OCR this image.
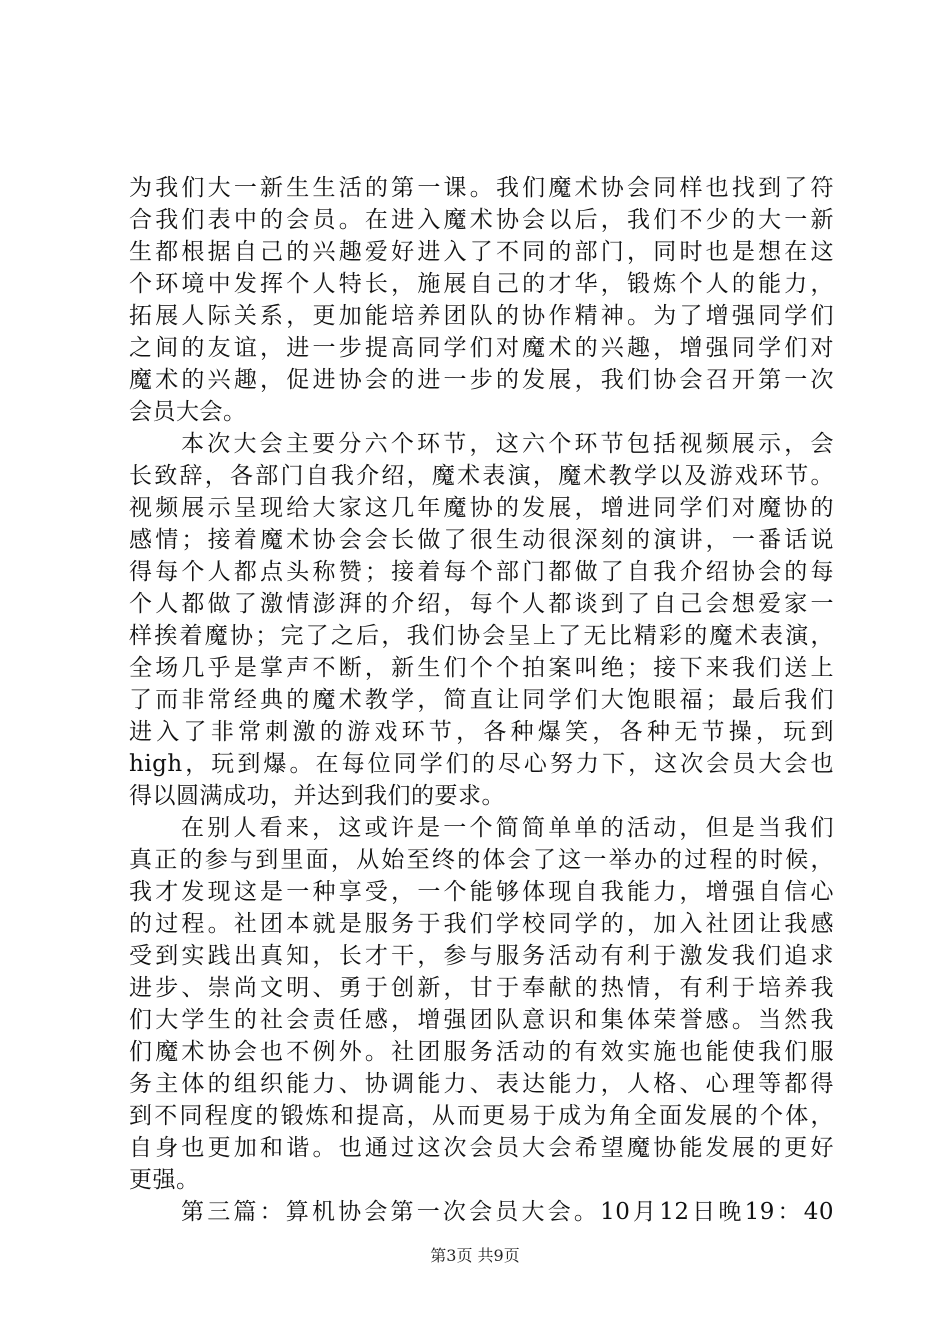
为我们大一新生生活的第一课。我们魔术协会同样也找到了符
合我们表中的会员。在进入魔术协会以后，我们不少的大一新
生都根据自己的兴趣爱好进入了不同的部门，同时也是想在这
个环境中发挥个人特长，施展自己的才华，锻炼个人的能力，
拓展人际关系，更加能培养团队的协作精神。为了增强同学们
之间的友谊，进一步提高同学们对魔术的兴趣，增强同学们对
魔术的兴趣，促进协会的进一步的发展，我们协会召开第一次
会员大会。
本次大会主要分六个环节，这六个环节包括视频展示，会
长致辞，各部门自我介绍，魔术表演，魔术教学以及游戏环节。
视频展示呈现给大家这几年魔协的发展，增进同学们对魔协的
感情；接着魔术协会会长做了很生动很深刻的演讲，一番话说
得每个人都点头称赞；接着每个部门都做了自我介绍协会的每
个人都做了激情澎湃的介绍，每个人都谈到了自己会想爱家一
样挨着魔协；完了之后，我们协会呈上了无比精彩的魔术表演，
全场几乎是掌声不断，新生们个个拍案叫绝；接下来我们送上
了而非常经典的魔术教学，简直让同学们大饱眼福；最后我们
进入了非常刺激的游戏环节，各种爆笑，各种无节操，玩到
high，玩到爆。在每位同学们的尽心努力下，这次会员大会也
得以圆满成功，并达到我们的要求。
在别人看来，这或许是一个简简单单的活动，但是当我们
真正的参与到里面，从始至终的体会了这一举办的过程的时候，
我才发现这是一种享受，一个能够体现自我能力，增强自信心
的过程。社团本就是服务于我们学校同学的，加入社团让我感
受到实践出真知，长才干，参与服务活动有利于激发我们追求
进步、崇尚文明、勇于创新，甘于奉献的热情，有利于培养我
们大学生的社会责任感，增强团队意识和集体荣誉感。当然我
们魔术协会也不例外。社团服务活动的有效实施也能使我们服
务主体的组织能力、协调能力、表达能力，人格、心理等都得
到不同程度的锻炼和提高，从而更易于成为角全面发展的个体，
自身也更加和谐。也通过这次会员大会希望魔协能发展的更好
更强。
第三篇：算机协会第一次会员大会。10月12日晚19：40
第3页 共9页
